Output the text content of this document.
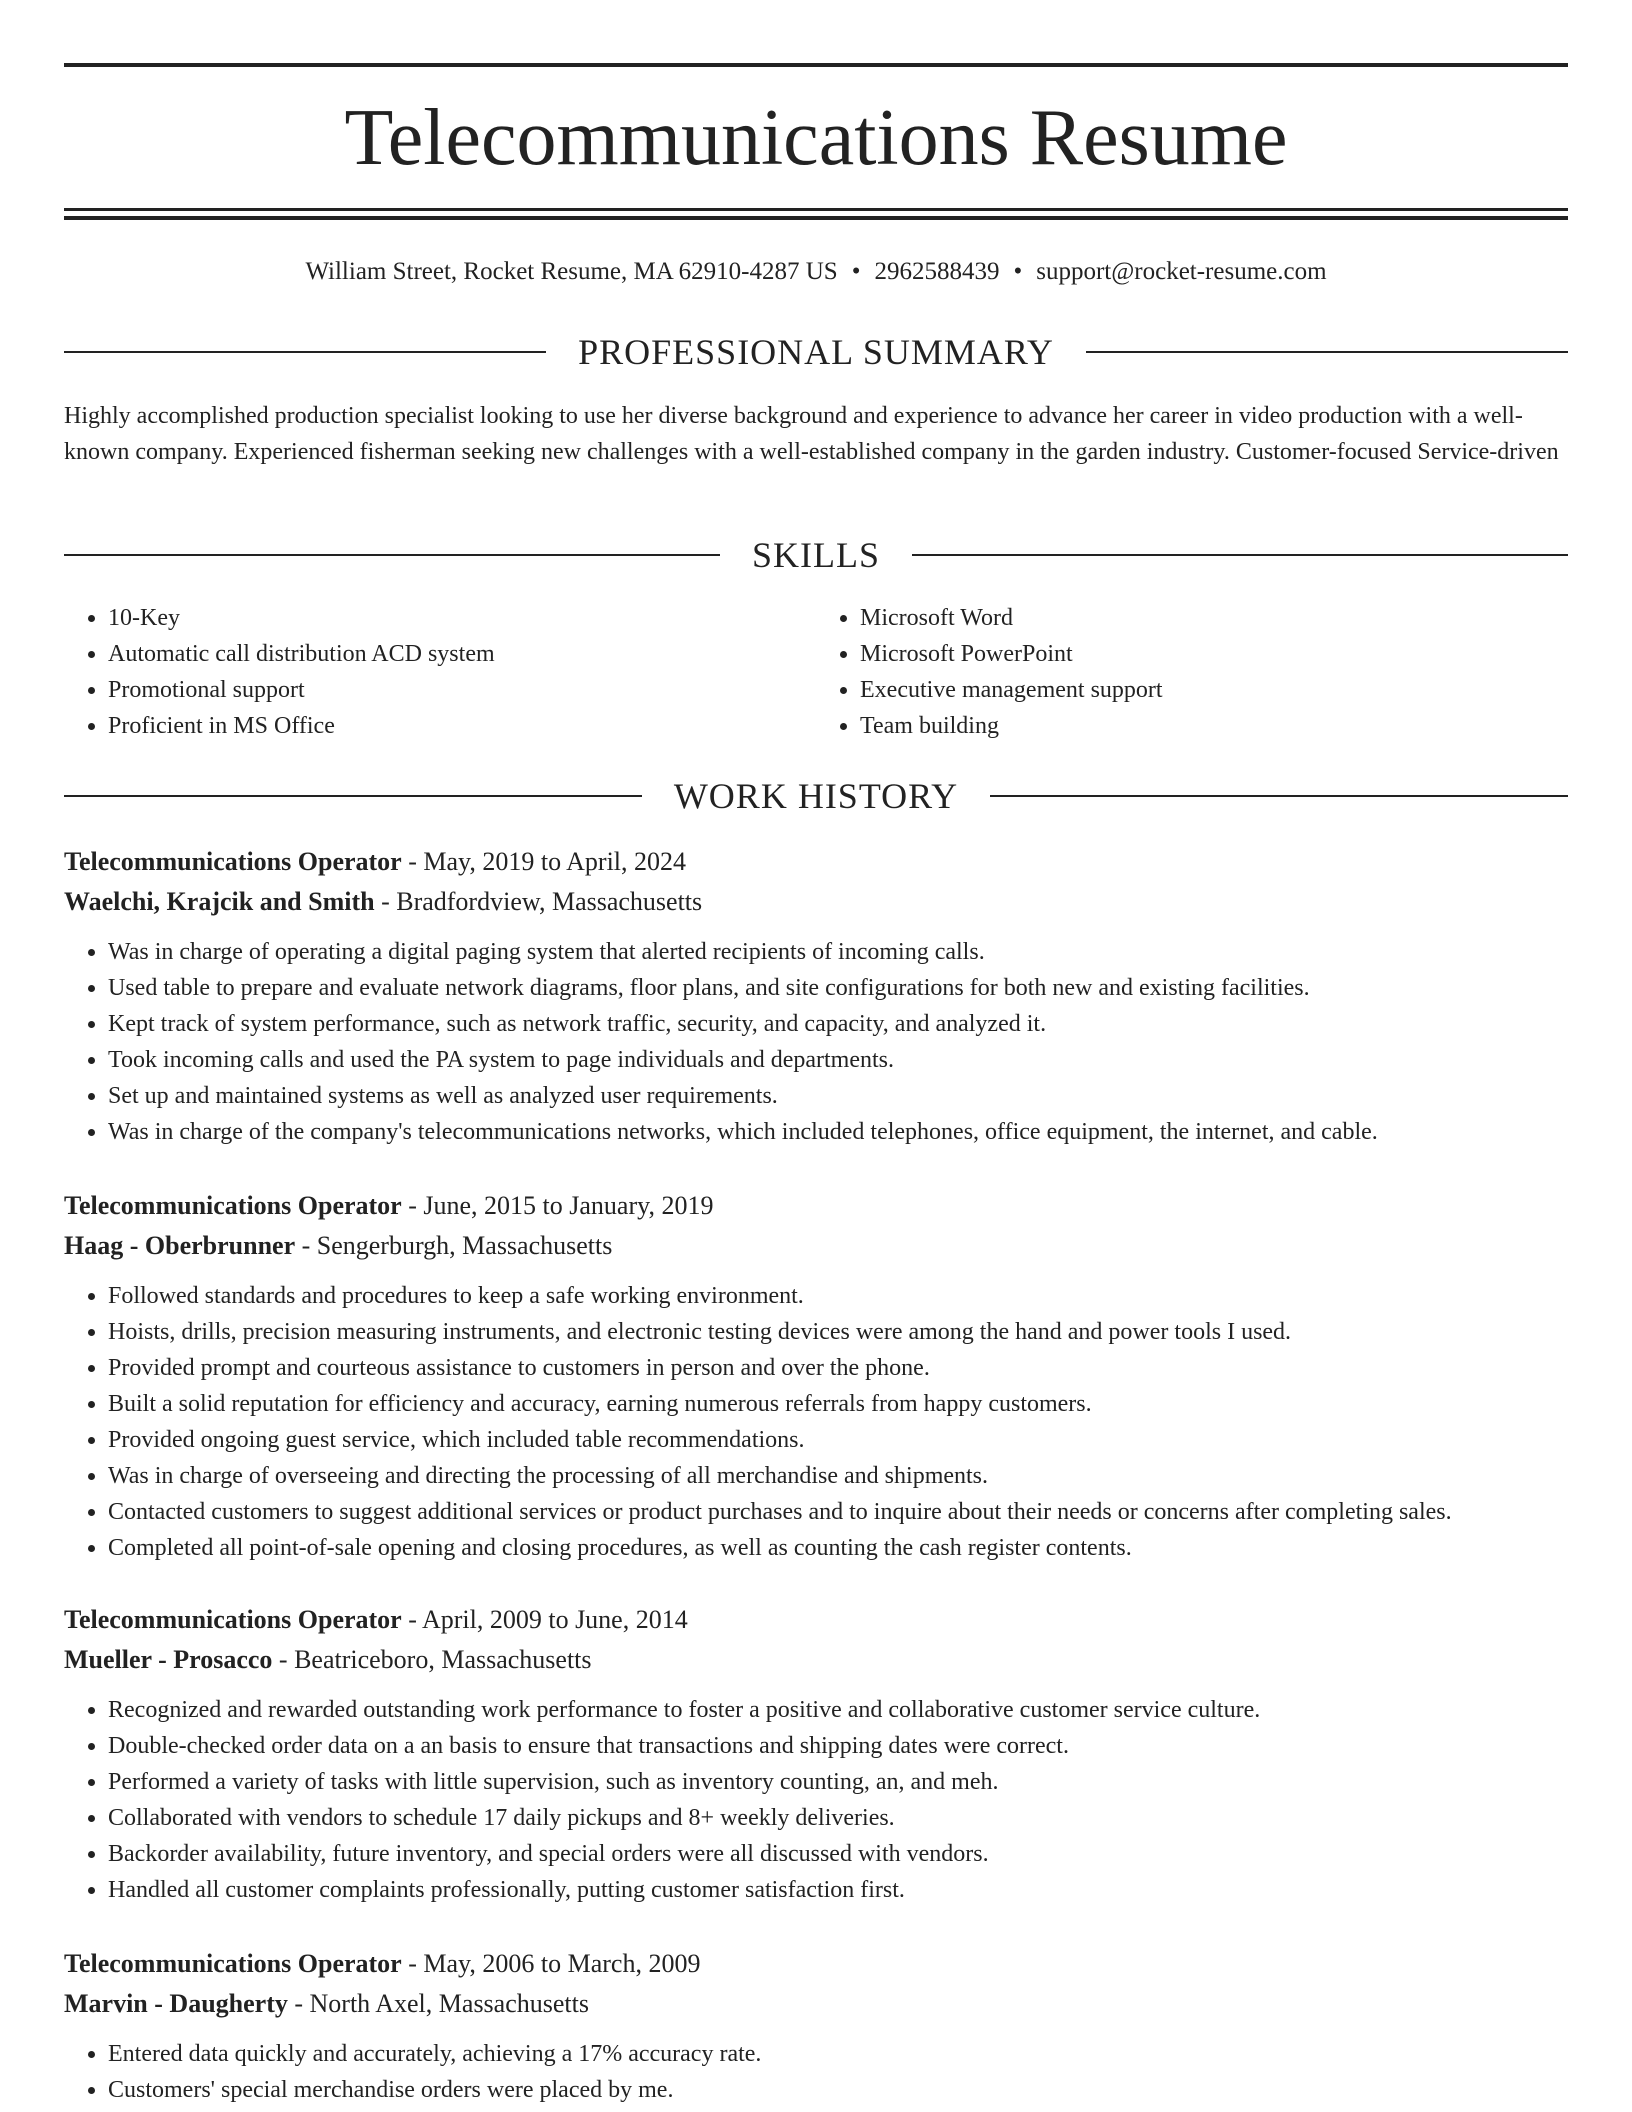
Telecommunications Resume
William Street, Rocket Resume, MA 62910-4287 US • 2962588439 • support@rocket-resume.com
PROFESSIONAL SUMMARY

Highly accomplished production specialist looking to use her diverse background and experience to advance her career in video production with a well-known company. Experienced fisherman seeking new challenges with a well-established company in the garden industry. Customer-focused Service-driven

SKILLS
• 10-Key
• Automatic call distribution ACD system
• Promotional support
• Proficient in MS Office
• Microsoft Word
• Microsoft PowerPoint
• Executive management support
• Team building
WORK HISTORY
Telecommunications Operator - May, 2019 to April, 2024
Waelchi, Krajcik and Smith - Bradfordview, Massachusetts
• Was in charge of operating a digital paging system that alerted recipients of incoming calls.
• Used table to prepare and evaluate network diagrams, floor plans, and site configurations for both new and existing facilities.
• Kept track of system performance, such as network traffic, security, and capacity, and analyzed it.
• Took incoming calls and used the PA system to page individuals and departments.
• Set up and maintained systems as well as analyzed user requirements.
• Was in charge of the company's telecommunications networks, which included telephones, office equipment, the internet, and cable.
Telecommunications Operator - June, 2015 to January, 2019
Haag - Oberbrunner - Sengerburgh, Massachusetts
• Followed standards and procedures to keep a safe working environment.
• Hoists, drills, precision measuring instruments, and electronic testing devices were among the hand and power tools I used.
• Provided prompt and courteous assistance to customers in person and over the phone.
• Built a solid reputation for efficiency and accuracy, earning numerous referrals from happy customers.
• Provided ongoing guest service, which included table recommendations.
• Was in charge of overseeing and directing the processing of all merchandise and shipments.
• Contacted customers to suggest additional services or product purchases and to inquire about their needs or concerns after completing sales.
• Completed all point-of-sale opening and closing procedures, as well as counting the cash register contents.
Telecommunications Operator - April, 2009 to June, 2014
Mueller - Prosacco - Beatriceboro, Massachusetts
• Recognized and rewarded outstanding work performance to foster a positive and collaborative customer service culture.
• Double-checked order data on a an basis to ensure that transactions and shipping dates were correct.
• Performed a variety of tasks with little supervision, such as inventory counting, an, and meh.
• Collaborated with vendors to schedule 17 daily pickups and 8+ weekly deliveries.
• Backorder availability, future inventory, and special orders were all discussed with vendors.
• Handled all customer complaints professionally, putting customer satisfaction first.
Telecommunications Operator - May, 2006 to March, 2009
Marvin - Daugherty - North Axel, Massachusetts
• Entered data quickly and accurately, achieving a 17% accuracy rate.
• Customers' special merchandise orders were placed by me.
